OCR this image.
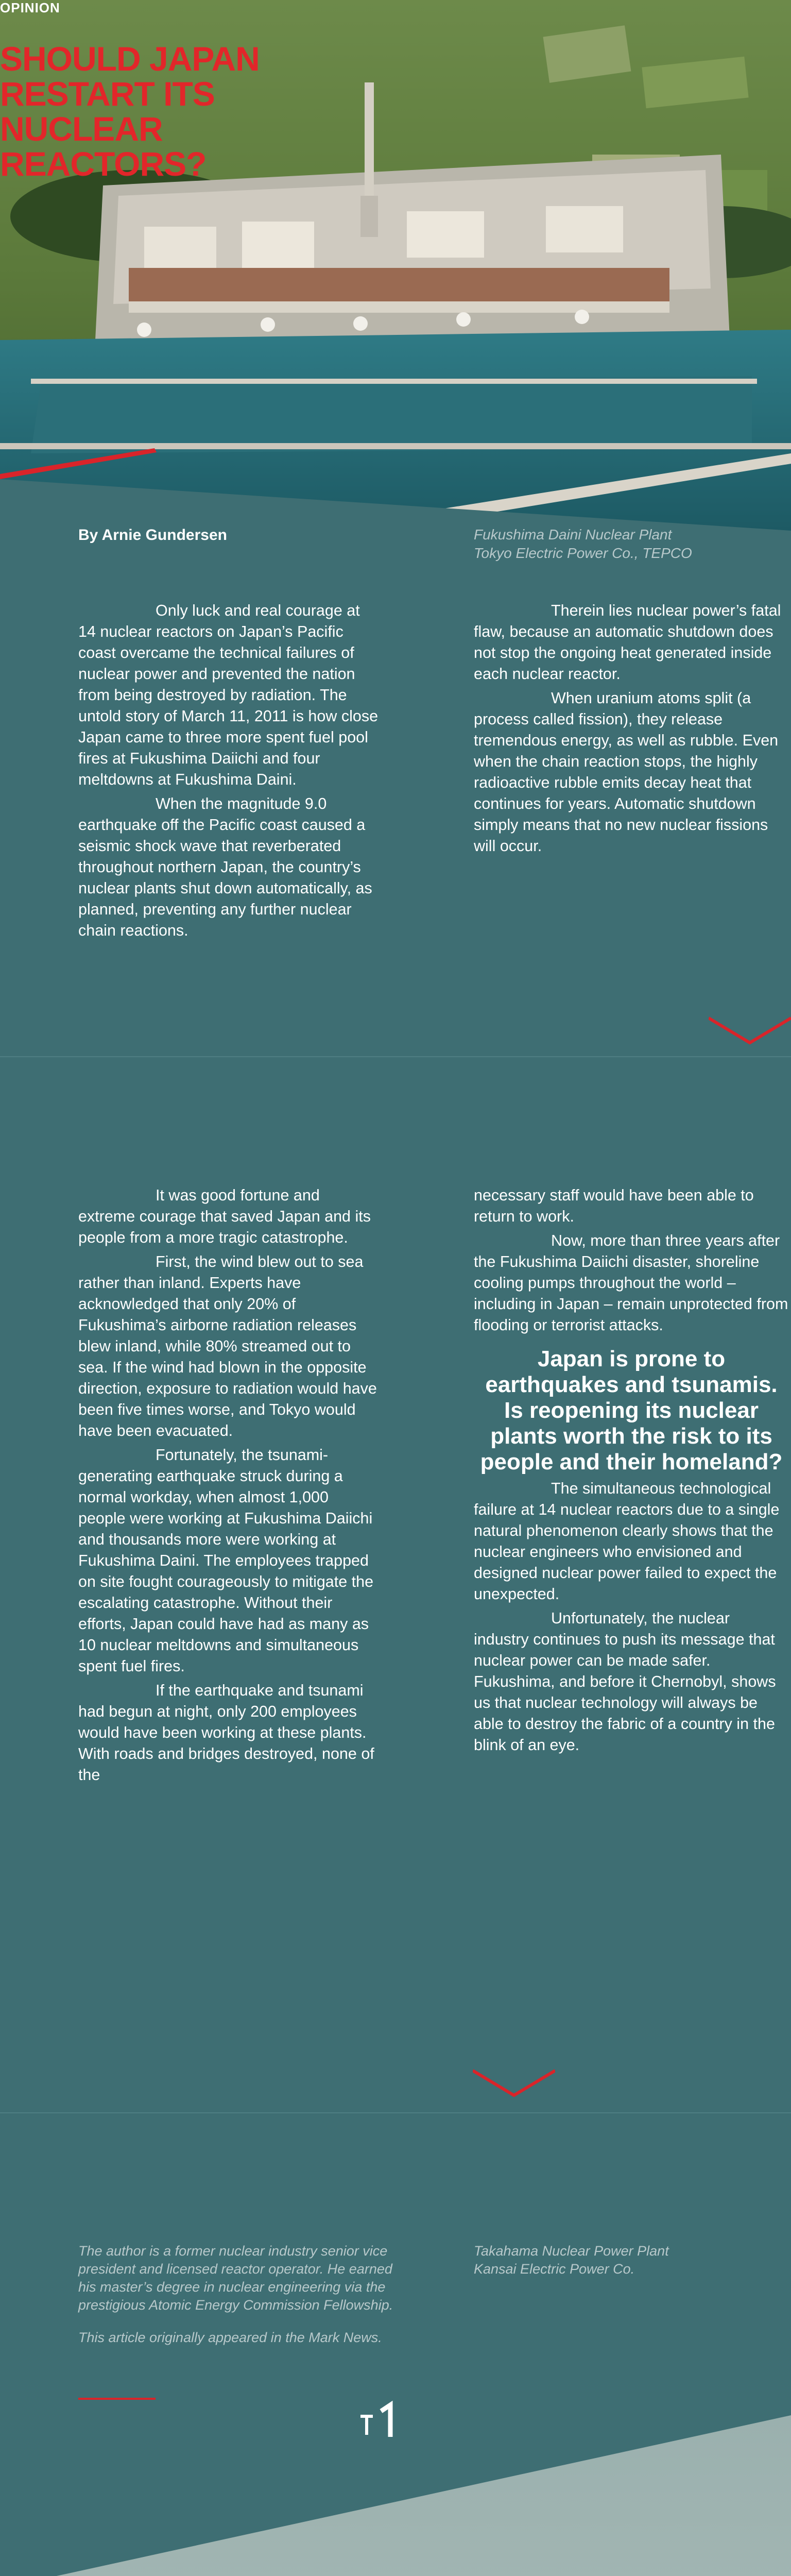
OPINION
SHOULD JAPAN
RESTART ITS
NUCLEAR REACTORS?
By Arnie Gundersen	Fukushima Daini Nuclear Plant
Tokyo Electric Power Co., TEPCO

Only luck and real courage at 14 nuclear reactors on Japan’s Pacific coast overcame the technical failures of nuclear power and prevented the nation from being destroyed by radiation. The untold story of March 11, 2011 is how close Japan came to three more spent fuel pool fires at Fukushima Daiichi and four meltdowns at Fukushima Daini.

When the magnitude 9.0 earthquake off the Pacific coast caused a seismic shock wave that reverberated throughout northern Japan, the country’s nuclear plants shut down automatically, as planned, preventing any further nuclear chain reactions.

Therein lies nuclear power’s fatal flaw, because an automatic shutdown does not stop the ongoing heat generated inside each nuclear reactor.

When uranium atoms split (a process called fission), they release tremendous energy, as well as rubble. Even when the chain reaction stops, the highly radioactive rubble emits decay heat that continues for years. Automatic shutdown simply means that no new nuclear fissions will occur.

It was good fortune and extreme courage that saved Japan and its people from a more tragic catastrophe.

First, the wind blew out to sea rather than inland. Experts have acknowledged that only 20% of Fukushima’s airborne radiation releases blew inland, while 80% streamed out to sea. If the wind had blown in the opposite direction, exposure to radiation would have been five times worse, and Tokyo would have been evacuated.

Fortunately, the tsunami-generating earthquake struck during a normal workday, when almost 1,000 people were working at Fukushima Daiichi and thousands more were working at Fukushima Daini. The employees trapped on site fought courageously to mitigate the escalating catastrophe. Without their efforts, Japan could have had as many as 10 nuclear meltdowns and simultaneous spent fuel fires.

If the earthquake and tsunami had begun at night, only 200 employees would have been working at these plants. With roads and bridges destroyed, none of the

necessary staff would have been able to return to work.

Now, more than three years after the Fukushima Daiichi disaster, shoreline cooling pumps throughout the world – including in Japan – remain unprotected from flooding or terrorist attacks.

Japan is prone to earthquakes and tsunamis. Is reopening its nuclear plants worth the risk to its people and their homeland?

The simultaneous technological failure at 14 nuclear reactors due to a single natural phenomenon clearly shows that the nuclear engineers who envisioned and designed nuclear power failed to expect the unexpected.

Unfortunately, the nuclear industry continues to push its message that nuclear power can be made safer. Fukushima, and before it Chernobyl, shows us that nuclear technology will always be able to destroy the fabric of a country in the blink of an eye.

The author is a former nuclear industry senior vice president and licensed reactor operator. He earned his master’s degree in nuclear engineering via the prestigious Atomic Energy Commission Fellowship.
This article originally appeared in the Mark News.
Takahama Nuclear Power Plant
Kansai Electric Power Co.
